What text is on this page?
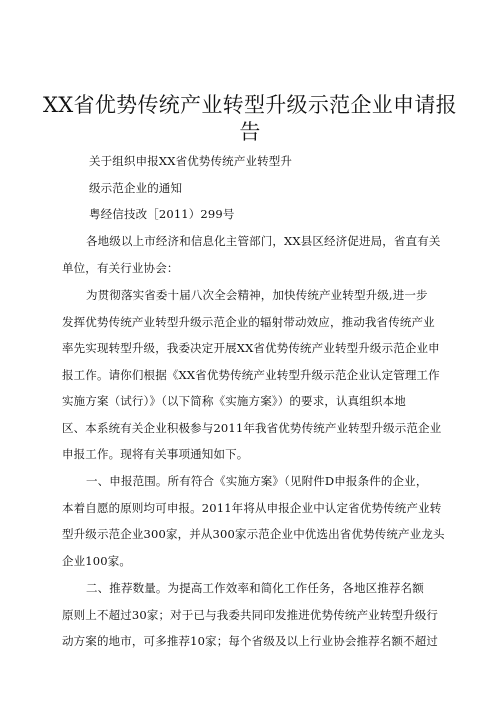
XX省优势传统产业转型升级示范企业申请报
告
关于组织申报XX省优势传统产业转型升
级示范企业的通知
粤经信技改［2011）299号
各地级以上市经济和信息化主管部门，XX县区经济促进局，省直有关
单位，有关行业协会：
为贯彻落实省委十届八次全会精神，加快传统产业转型升级,进一步
发挥优势传统产业转型升级示范企业的辐射带动效应，推动我省传统产业
率先实现转型升级，我委决定开展XX省优势传统产业转型升级示范企业申
报工作。请你们根据《XX省优势传统产业转型升级示范企业认定管理工作
实施方案（试行）》（以下简称《实施方案》）的要求，认真组织本地
区、本系统有关企业积极参与2011年我省优势传统产业转型升级示范企业
申报工作。现将有关事项通知如下。
一、申报范围。所有符合《实施方案》（见附件D申报条件的企业，
本着自愿的原则均可申报。2011年将从申报企业中认定省优势传统产业转
型升级示范企业300家，并从300家示范企业中优选出省优势传统产业龙头
企业100家。
二、推荐数量。为提高工作效率和简化工作任务，各地区推荐名额
原则上不超过30家；对于已与我委共同印发推进优势传统产业转型升级行
动方案的地市，可多推荐10家；每个省级及以上行业协会推荐名额不超过
